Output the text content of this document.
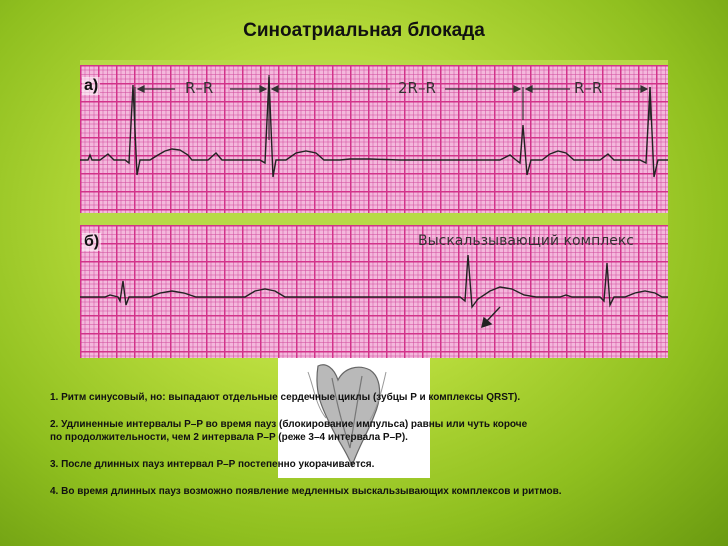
Синоатриальная блокада
а)	R–R	2R–R	R–R
б)	Выскальзывающий комплекс
1. Ритм синусовый, но: выпадают отдельные сердечные циклы (зубцы P и комплексы QRST).
2. Удлиненные интервалы P–P во время пауз (блокирование импульса) равны или чуть короче
по продолжительности, чем 2 интервала P–P (реже 3–4 интервала P–P).
3. После длинных пауз интервал P–P постепенно укорачивается.
4. Во время длинных пауз возможно появление медленных выскальзывающих комплексов и ритмов.
